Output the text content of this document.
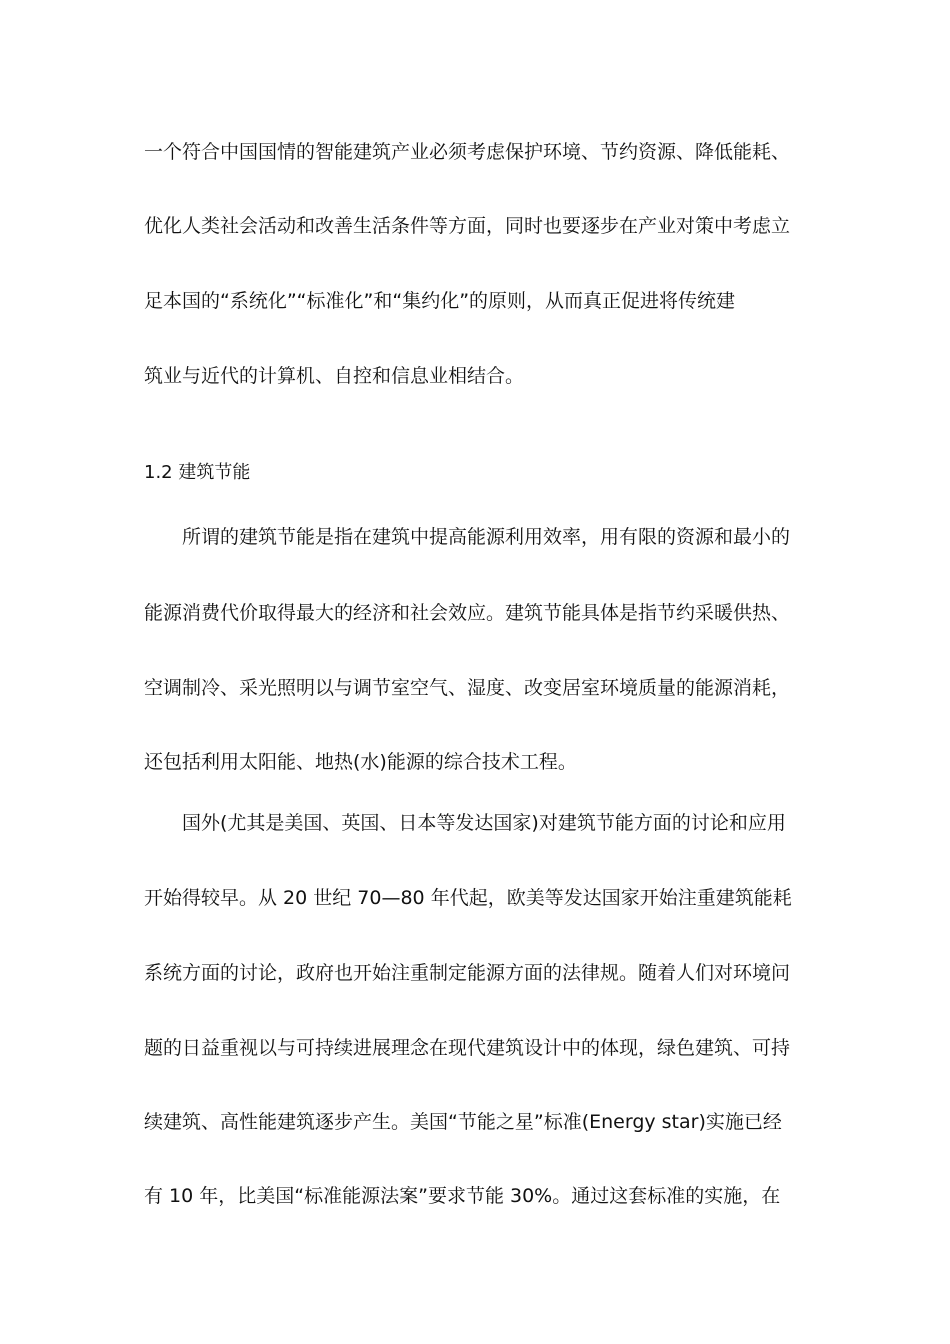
一个符合中国国情的智能建筑产业必须考虑保护环境、节约资源、降低能耗、
优化人类社会活动和改善生活条件等方面，同时也要逐步在产业对策中考虑立
足本国的“系统化”“标准化”和“集约化”的原则，从而真正促进将传统建
筑业与近代的计算机、自控和信息业相结合。
1.2 建筑节能
所谓的建筑节能是指在建筑中提高能源利用效率，用有限的资源和最小的
能源消费代价取得最大的经济和社会效应。建筑节能具体是指节约采暖供热、
空调制冷、采光照明以与调节室空气、湿度、改变居室环境质量的能源消耗，
还包括利用太阳能、地热(水)能源的综合技术工程。
国外(尤其是美国、英国、日本等发达国家)对建筑节能方面的讨论和应用
开始得较早。从 20 世纪 70—80 年代起，欧美等发达国家开始注重建筑能耗
系统方面的讨论，政府也开始注重制定能源方面的法律规。随着人们对环境问
题的日益重视以与可持续进展理念在现代建筑设计中的体现，绿色建筑、可持
续建筑、高性能建筑逐步产生。美国“节能之星”标准(Energy star)实施已经
有 10 年，比美国“标准能源法案”要求节能 30%。通过这套标准的实施，在
